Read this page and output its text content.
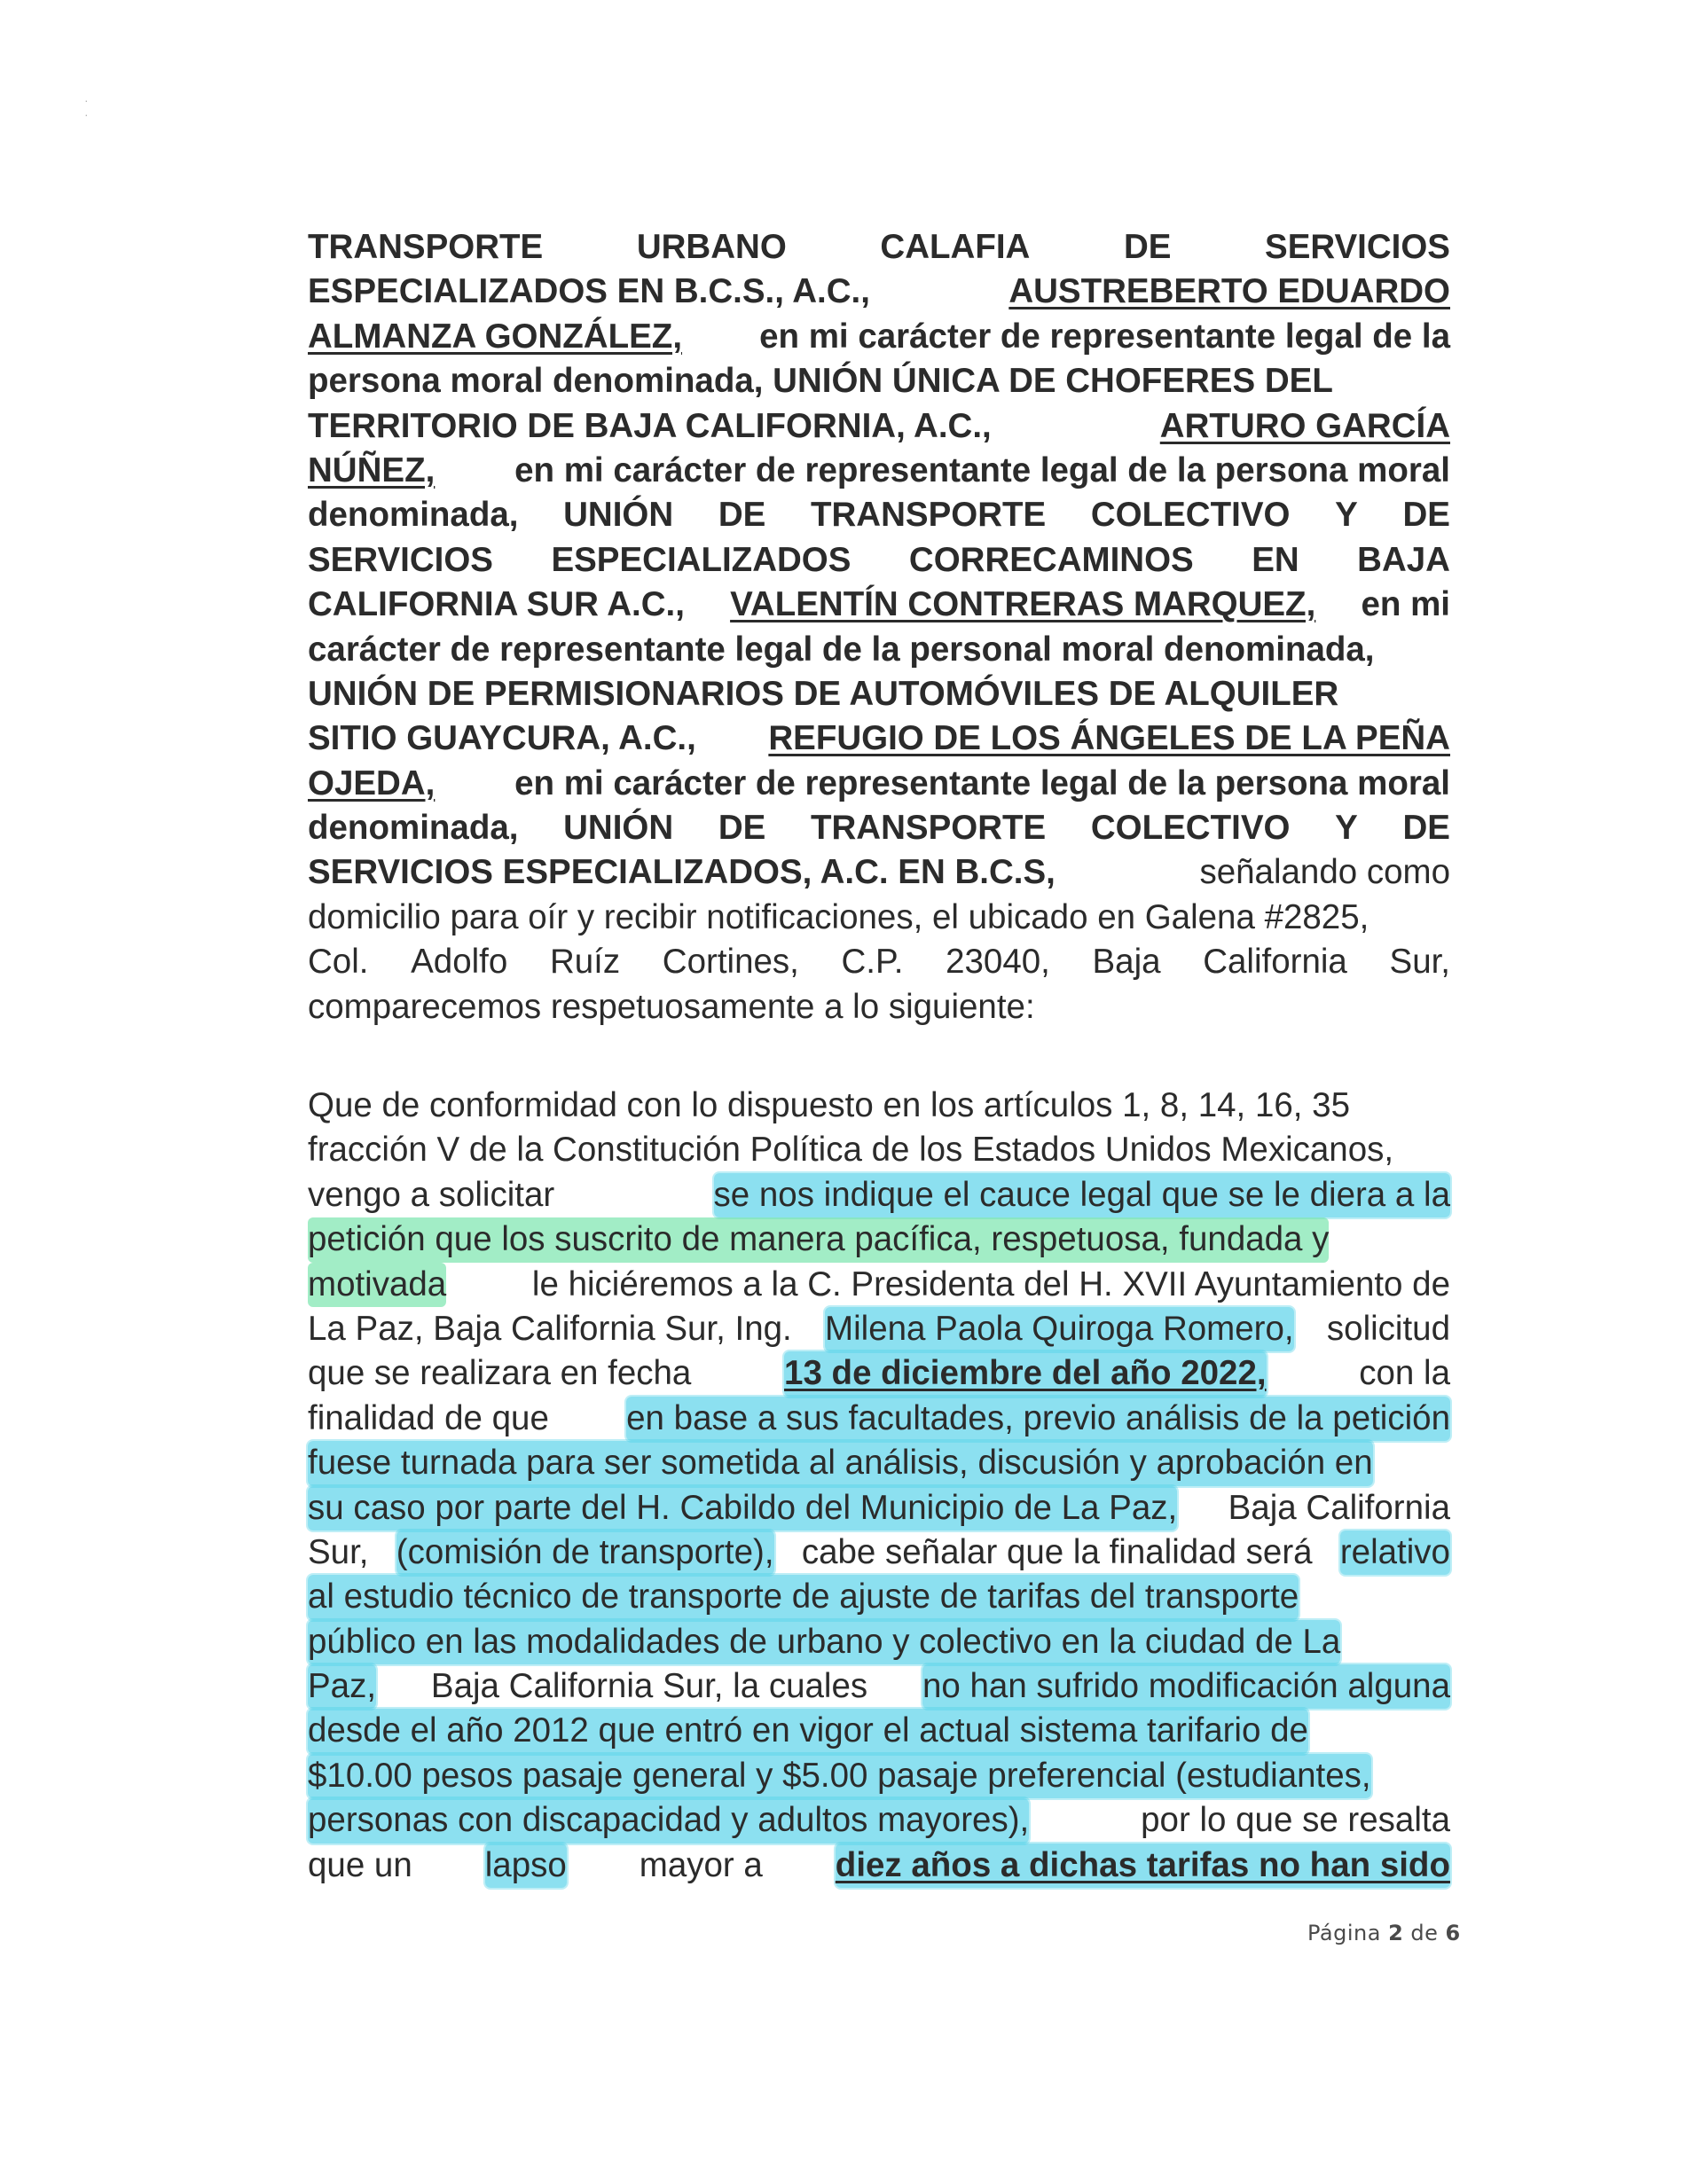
· ·
TRANSPORTE	URBANO	CALAFIA	DE	SERVICIOS
ESPECIALIZADOS EN B.C.S., A.C.,	AUSTREBERTO EDUARDO
ALMANZA GONZÁLEZ, en mi carácter de representante legal de la
persona moral denominada, UNIÓN ÚNICA DE CHOFERES DEL
TERRITORIO DE BAJA CALIFORNIA, A.C.,	ARTURO GARCÍA
NÚÑEZ, en mi carácter de representante legal de la persona moral
denominada, UNIÓN DE TRANSPORTE COLECTIVO Y DE
SERVICIOS ESPECIALIZADOS CORRECAMINOS EN BAJA
CALIFORNIA SUR A.C., VALENTÍN CONTRERAS MARQUEZ, en mi
carácter de representante legal de la personal moral denominada,
UNIÓN DE PERMISIONARIOS DE AUTOMÓVILES DE ALQUILER
SITIO GUAYCURA, A.C., REFUGIO DE LOS ÁNGELES DE LA PEÑA
OJEDA, en mi carácter de representante legal de la persona moral
denominada, UNIÓN DE TRANSPORTE COLECTIVO Y DE
SERVICIOS ESPECIALIZADOS, A.C. EN B.C.S,	señalando como
domicilio para oír y recibir notificaciones, el ubicado en Galena #2825,
Col. Adolfo Ruíz Cortines, C.P. 23040, Baja California Sur,
comparecemos respetuosamente a lo siguiente:
Que de conformidad con lo dispuesto en los artículos 1, 8, 14, 16, 35
fracción V de la Constitución Política de los Estados Unidos Mexicanos,
vengo a solicitar	se nos indique el cauce legal que se le diera a la
petición que los suscrito de manera pacífica, respetuosa, fundada y
motivada	le hiciéremos a la C. Presidenta del H. XVII Ayuntamiento de
La Paz, Baja California Sur, Ing. Milena Paola Quiroga Romero, solicitud
que se realizara en fecha	13 de diciembre del año 2022,	con la
finalidad de que en base a sus facultades, previo análisis de la petición
fuese turnada para ser sometida al análisis, discusión y aprobación en
su caso por parte del H. Cabildo del Municipio de La Paz, Baja California
Sur, (comisión de transporte), cabe señalar que la finalidad será relativo
al estudio técnico de transporte de ajuste de tarifas del transporte
público en las modalidades de urbano y colectivo en la ciudad de La
Paz, Baja California Sur, la cuales no han sufrido modificación alguna
desde el año 2012 que entró en vigor el actual sistema tarifario de
$10.00 pesos pasaje general y $5.00 pasaje preferencial (estudiantes,
personas con discapacidad y adultos mayores),	por lo que se resalta
que un lapso mayor a diez años a dichas tarifas no han sido
Página 2 de 6
